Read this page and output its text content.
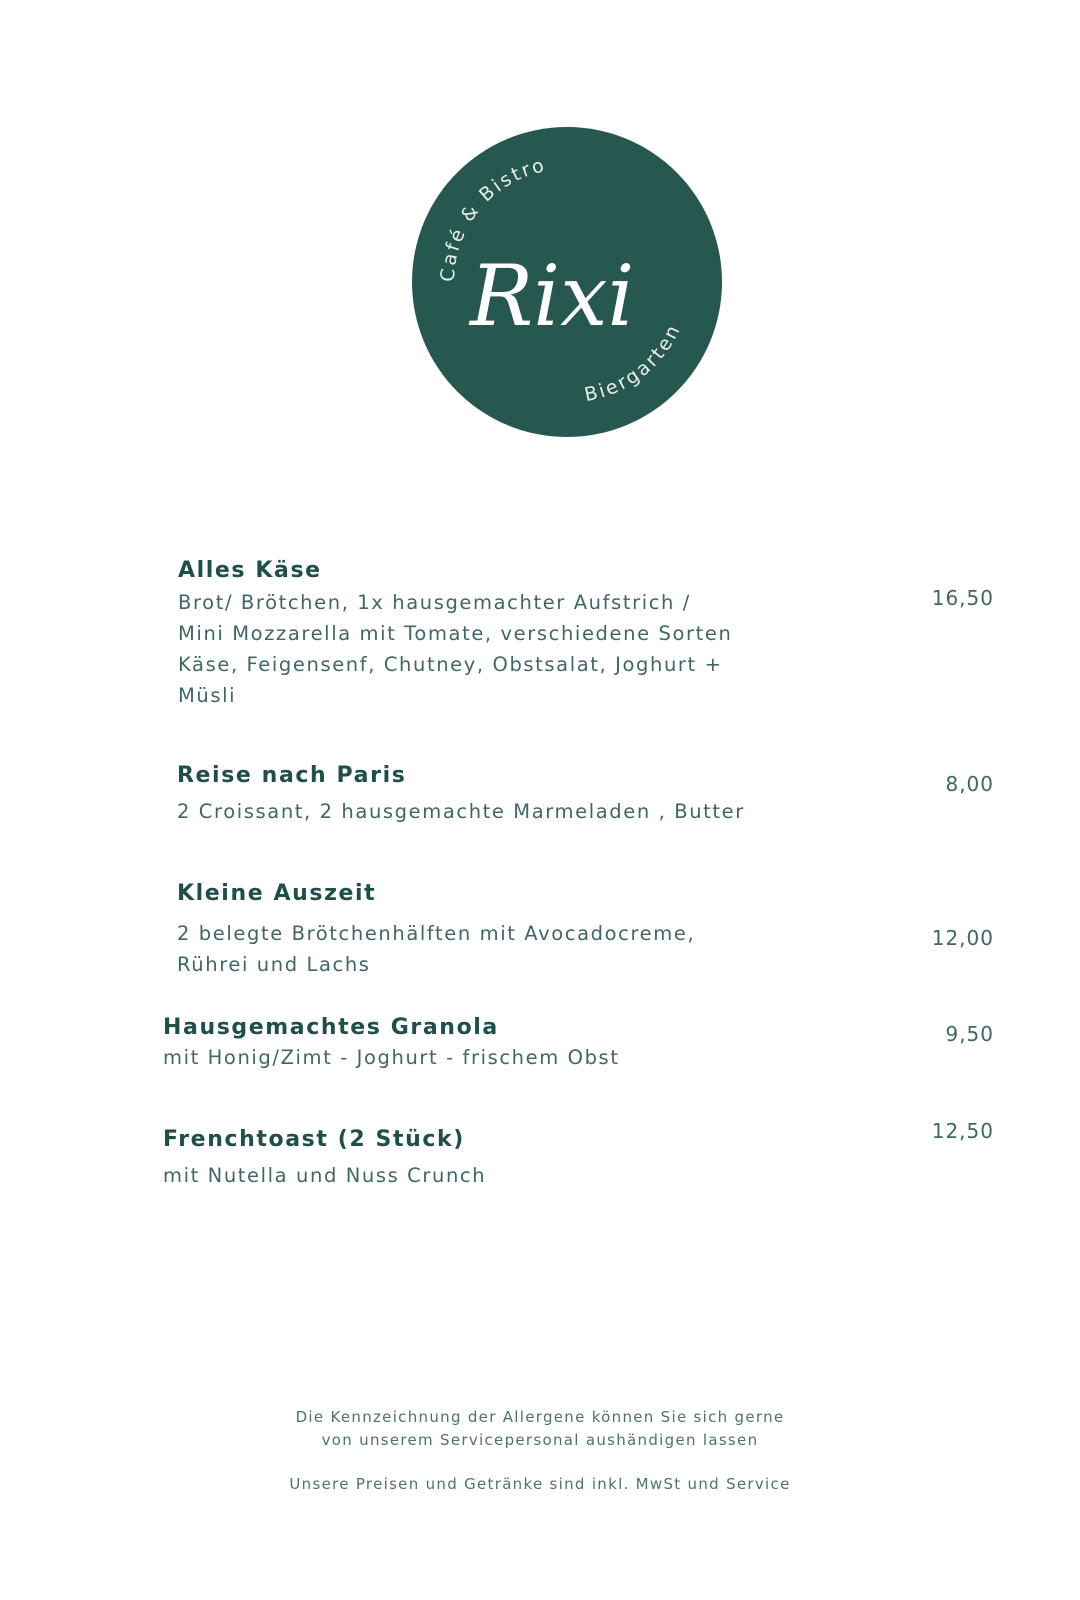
Café & Bistro
Biergarten
Rixi
Alles Käse
Brot/ Brötchen, 1x hausgemachter Aufstrich /
Mini Mozzarella mit Tomate, verschiedene Sorten
Käse, Feigensenf, Chutney, Obstsalat, Joghurt +
Müsli
16,50
Reise nach Paris
2 Croissant, 2 hausgemachte Marmeladen , Butter
8,00
Kleine Auszeit
2 belegte Brötchenhälften mit Avocadocreme,
Rührei und Lachs
12,00
Hausgemachtes Granola
mit Honig/Zimt - Joghurt - frischem Obst
9,50
Frenchtoast (2 Stück)
mit Nutella und Nuss Crunch
12,50
Die Kennzeichnung der Allergene können Sie sich gerne
von unserem Servicepersonal aushändigen lassen
Unsere Preisen und Getränke sind inkl. MwSt und Service
